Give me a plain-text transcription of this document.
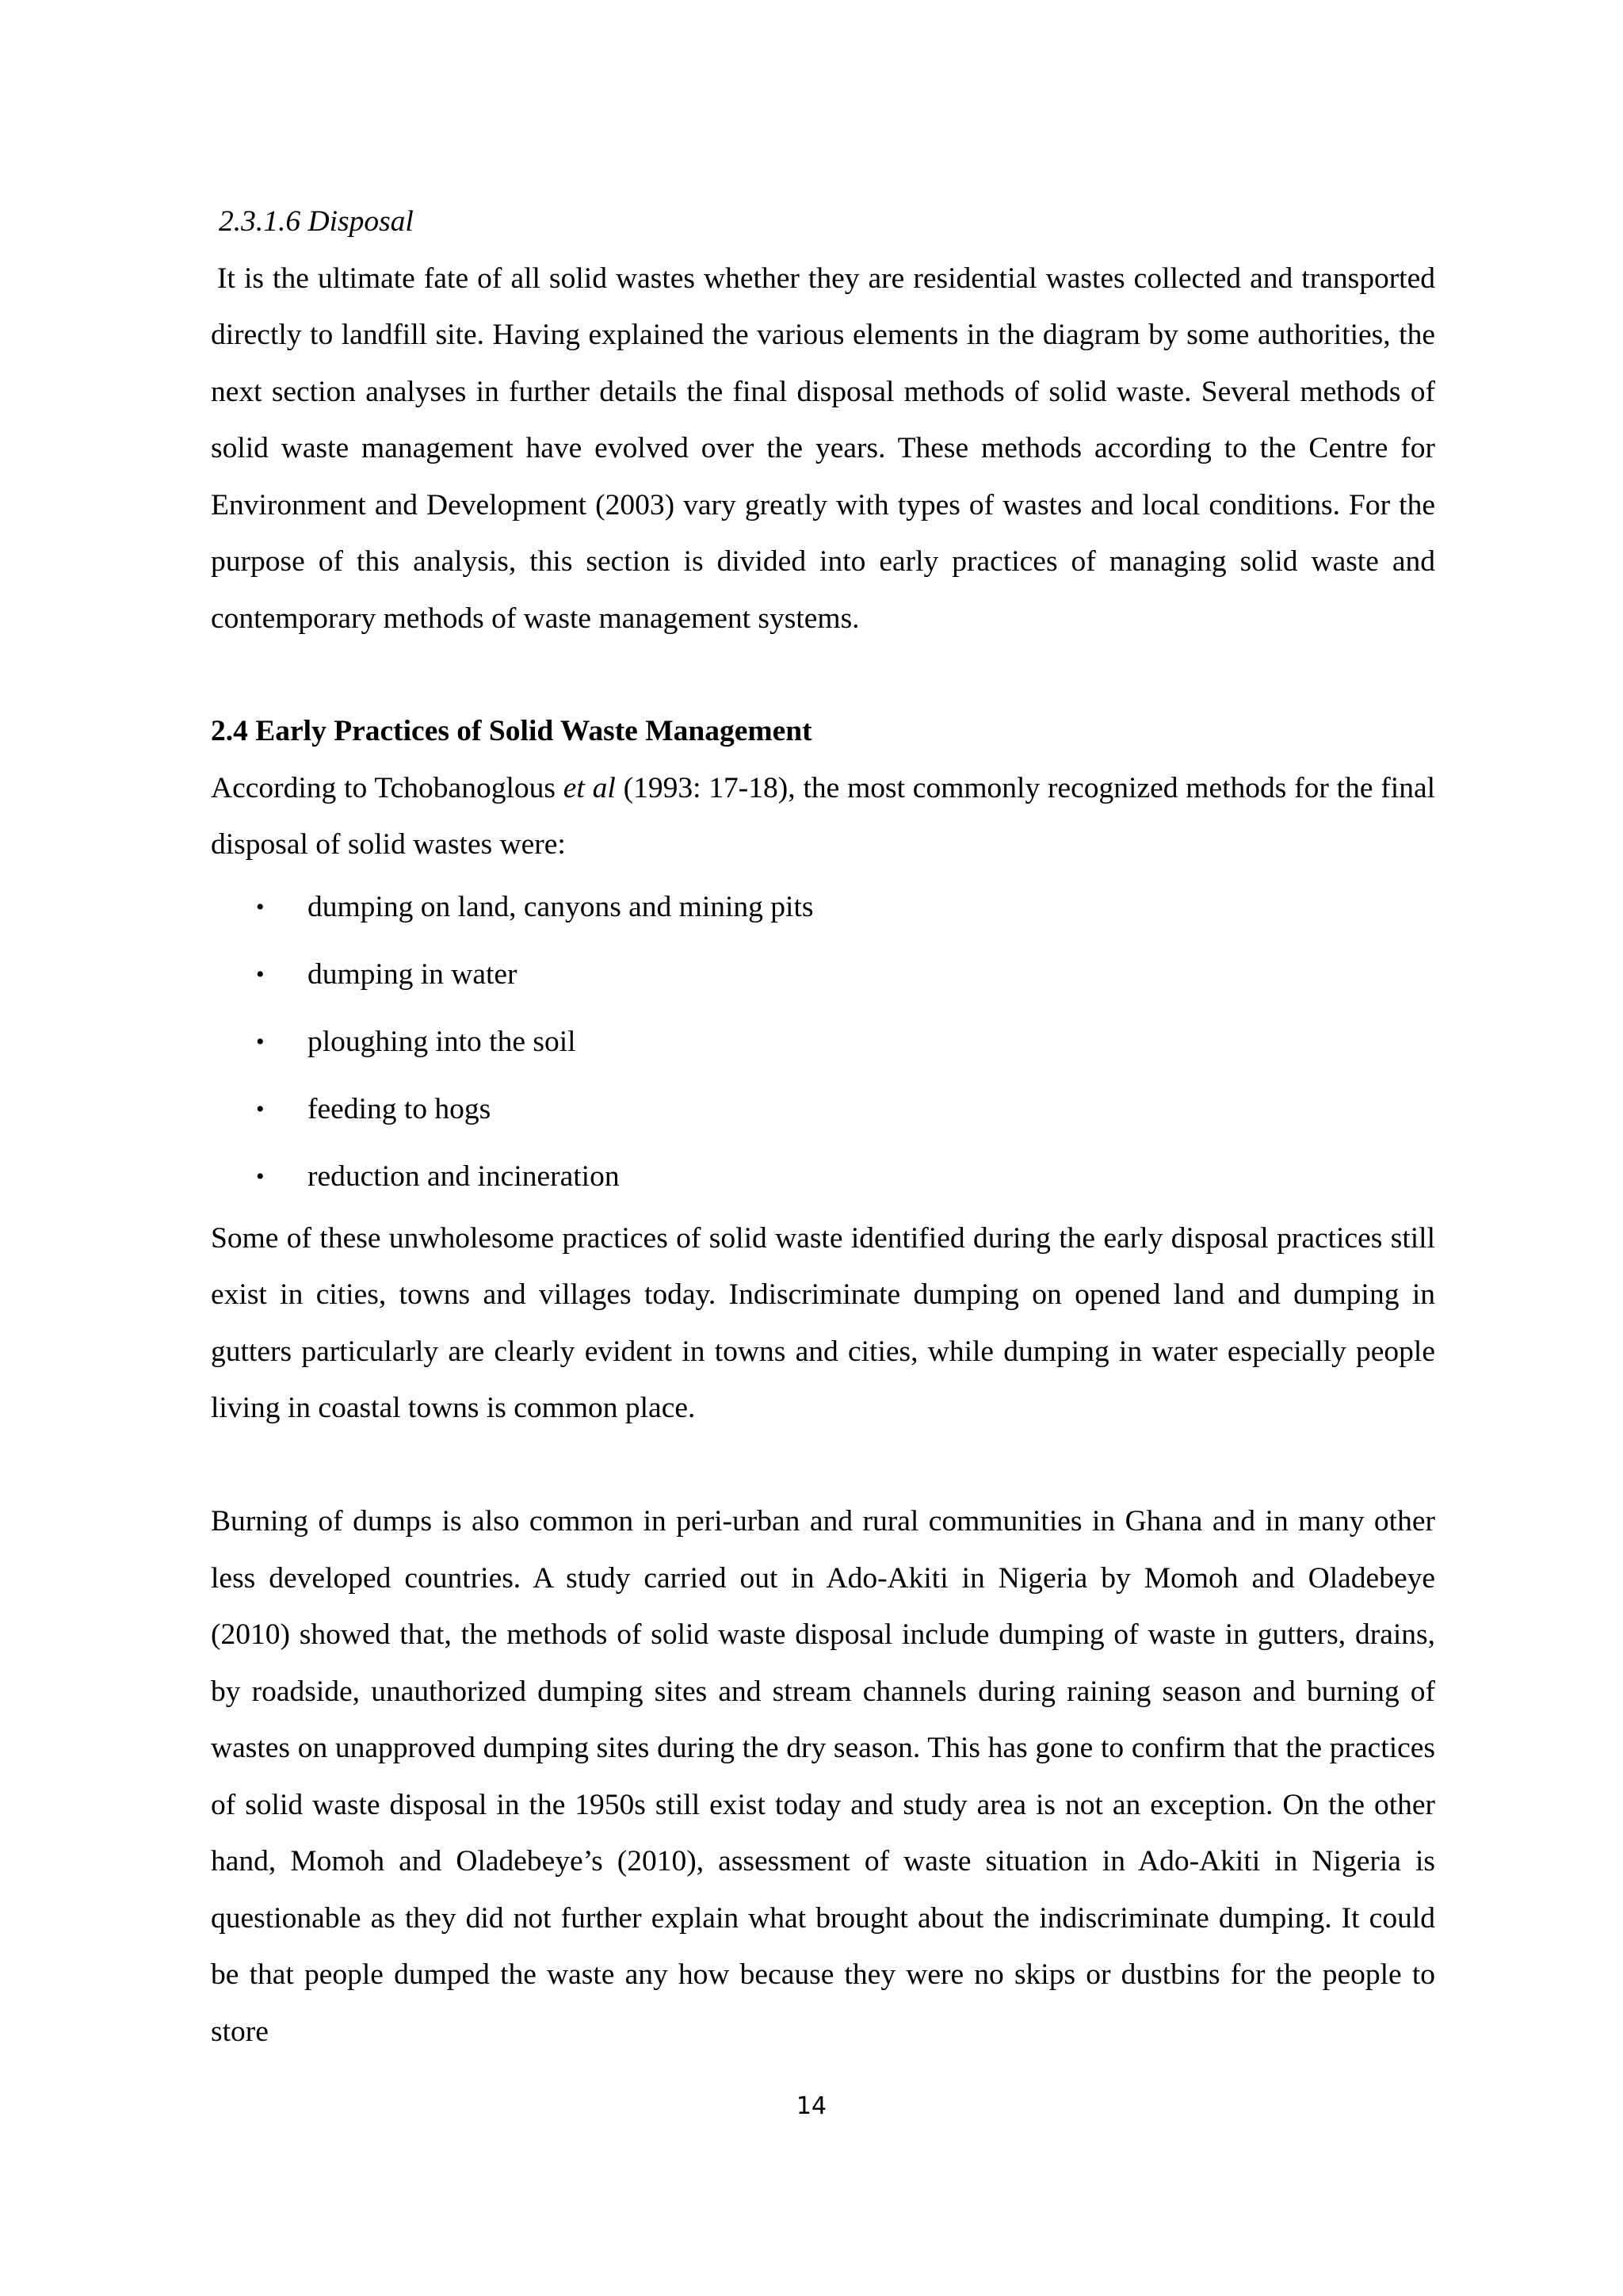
2.3.1.6 Disposal

It is the ultimate fate of all solid wastes whether they are residential wastes collected and transported directly to landfill site. Having explained the various elements in the diagram by some authorities, the next section analyses in further details the final disposal methods of solid waste. Several methods of solid waste management have evolved over the years. These methods according to the Centre for Environment and Development (2003) vary greatly with types of wastes and local conditions. For the purpose of this analysis, this section is divided into early practices of managing solid waste and contemporary methods of waste management systems.

2.4 Early Practices of Solid Waste Management

According to Tchobanoglous et al (1993: 17-18), the most commonly recognized methods for the final disposal of solid wastes were:

• dumping on land, canyons and mining pits
• dumping in water
• ploughing into the soil
• feeding to hogs
• reduction and incineration

Some of these unwholesome practices of solid waste identified during the early disposal practices still exist in cities, towns and villages today. Indiscriminate dumping on opened land and dumping in gutters particularly are clearly evident in towns and cities, while dumping in water especially people living in coastal towns is common place.

Burning of dumps is also common in peri-urban and rural communities in Ghana and in many other less developed countries. A study carried out in Ado-Akiti in Nigeria by Momoh and Oladebeye (2010) showed that, the methods of solid waste disposal include dumping of waste in gutters, drains, by roadside, unauthorized dumping sites and stream channels during raining season and burning of wastes on unapproved dumping sites during the dry season. This has gone to confirm that the practices of solid waste disposal in the 1950s still exist today and study area is not an exception. On the other hand, Momoh and Oladebeye’s (2010), assessment of waste situation in Ado-Akiti in Nigeria is questionable as they did not further explain what brought about the indiscriminate dumping. It could be that people dumped the waste any how because they were no skips or dustbins for the people to store

14
